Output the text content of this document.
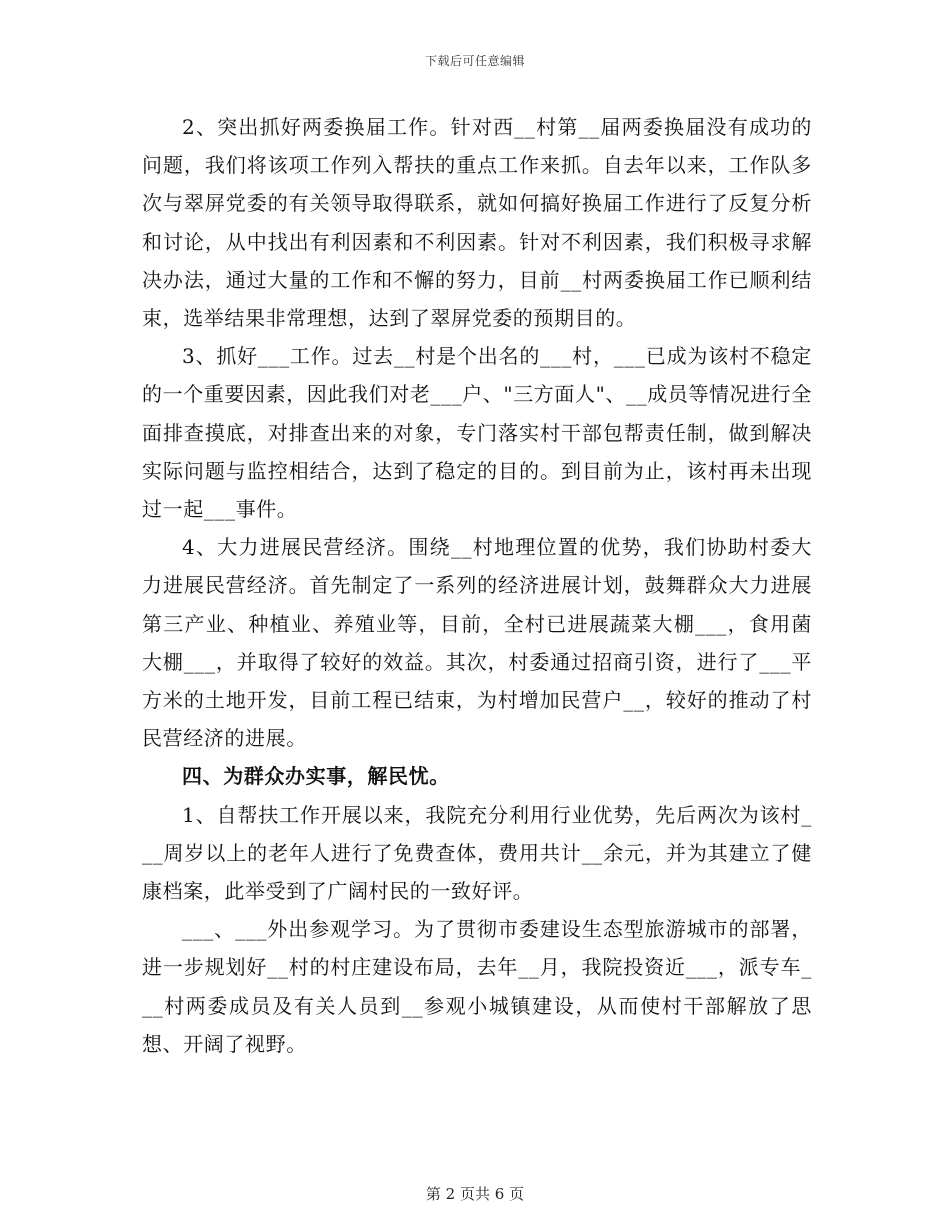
下载后可任意编辑

2、突出抓好两委换届工作。针对西__村第__届两委换届没有成功的问题，我们将该项工作列入帮扶的重点工作来抓。自去年以来，工作队多次与翠屏党委的有关领导取得联系，就如何搞好换届工作进行了反复分析和讨论，从中找出有利因素和不利因素。针对不利因素，我们积极寻求解决办法，通过大量的工作和不懈的努力，目前__村两委换届工作已顺利结束，选举结果非常理想，达到了翠屏党委的预期目的。

3、抓好___工作。过去__村是个出名的___村，___已成为该村不稳定的一个重要因素，因此我们对老___户、"三方面人"、__成员等情况进行全面排查摸底，对排查出来的对象，专门落实村干部包帮责任制，做到解决实际问题与监控相结合，达到了稳定的目的。到目前为止，该村再未出现过一起___事件。

4、大力进展民营经济。围绕__村地理位置的优势，我们协助村委大力进展民营经济。首先制定了一系列的经济进展计划，鼓舞群众大力进展第三产业、种植业、养殖业等，目前，全村已进展蔬菜大棚___，食用菌大棚___，并取得了较好的效益。其次，村委通过招商引资，进行了___平方米的土地开发，目前工程已结束，为村增加民营户__，较好的推动了村民营经济的进展。

四、为群众办实事，解民忧。

1、自帮扶工作开展以来，我院充分利用行业优势，先后两次为该村___周岁以上的老年人进行了免费查体，费用共计__余元，并为其建立了健康档案，此举受到了广阔村民的一致好评。

___、___外出参观学习。为了贯彻市委建设生态型旅游城市的部署，进一步规划好__村的村庄建设布局，去年__月，我院投资近___，派专车___村两委成员及有关人员到__参观小城镇建设，从而使村干部解放了思想、开阔了视野。

第 2 页共 6 页
